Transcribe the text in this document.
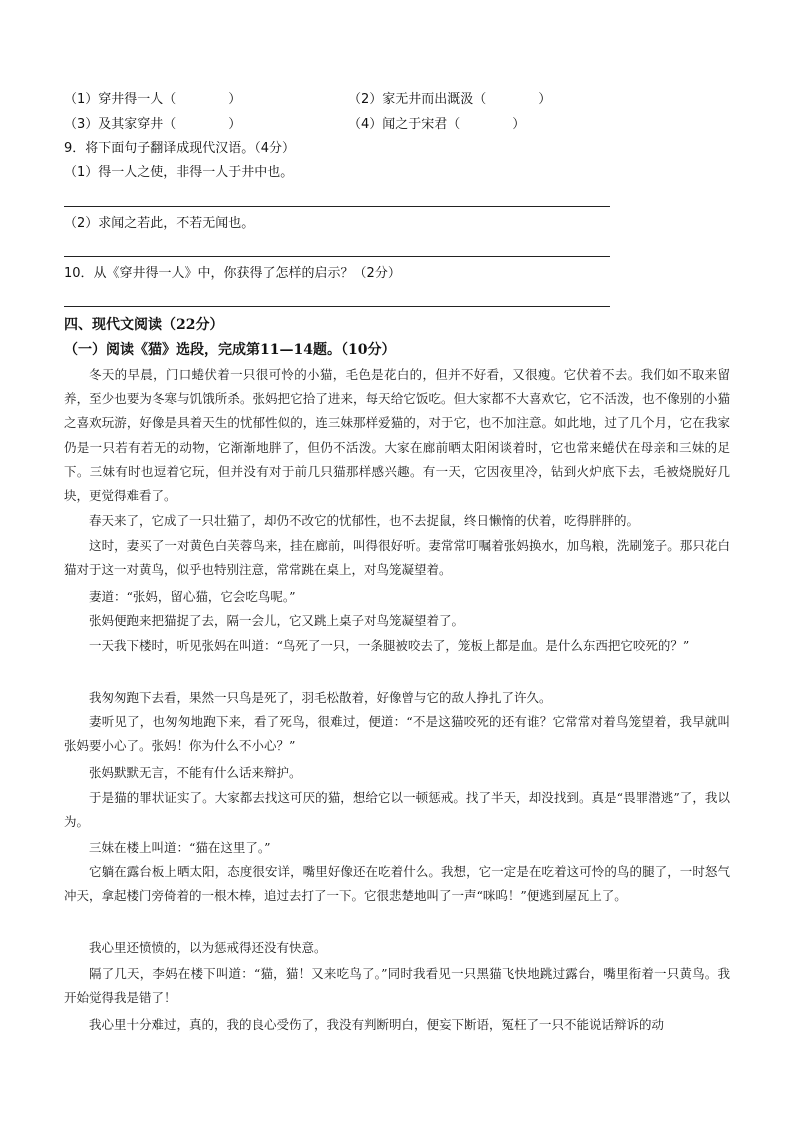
（1）穿井得一人（　　　　）	（2）家无井而出溉汲（　　　　）
（3）及其家穿井（　　　　）	（4）闻之于宋君（　　　　）
9．将下面句子翻译成现代汉语。（4分）
（1）得一人之使，非得一人于井中也。
（2）求闻之若此，不若无闻也。
10．从《穿井得一人》中，你获得了怎样的启示？（2分）
四、现代文阅读（22分）
（一）阅读《猫》选段，完成第11—14题。（10分）

冬天的早晨，门口蜷伏着一只很可怜的小猫，毛色是花白的，但并不好看，又很瘦。它伏着不去。我们如不取来留养，至少也要为冬寒与饥饿所杀。张妈把它拾了进来，每天给它饭吃。但大家都不大喜欢它，它不活泼，也不像别的小猫之喜欢玩游，好像是具着天生的忧郁性似的，连三妹那样爱猫的，对于它，也不加注意。如此地，过了几个月，它在我家仍是一只若有若无的动物，它渐渐地胖了，但仍不活泼。大家在廊前晒太阳闲谈着时，它也常来蜷伏在母亲和三妹的足下。三妹有时也逗着它玩，但并没有对于前几只猫那样感兴趣。有一天，它因夜里冷，钻到火炉底下去，毛被烧脱好几块，更觉得难看了。

春天来了，它成了一只壮猫了，却仍不改它的忧郁性，也不去捉鼠，终日懒惰的伏着，吃得胖胖的。

这时，妻买了一对黄色白芙蓉鸟来，挂在廊前，叫得很好听。妻常常叮嘱着张妈换水，加鸟粮，洗刷笼子。那只花白猫对于这一对黄鸟，似乎也特别注意，常常跳在桌上，对鸟笼凝望着。

妻道：“张妈，留心猫，它会吃鸟呢。”

张妈便跑来把猫捉了去，隔一会儿，它又跳上桌子对鸟笼凝望着了。

一天我下楼时，听见张妈在叫道：“鸟死了一只，一条腿被咬去了，笼板上都是血。是什么东西把它咬死的？”

我匆匆跑下去看，果然一只鸟是死了，羽毛松散着，好像曾与它的敌人挣扎了许久。

妻听见了，也匆匆地跑下来，看了死鸟，很难过，便道：“不是这猫咬死的还有谁？它常常对着鸟笼望着，我早就叫张妈要小心了。张妈！你为什么不小心？”

张妈默默无言，不能有什么话来辩护。

于是猫的罪状证实了。大家都去找这可厌的猫，想给它以一顿惩戒。找了半天，却没找到。真是“畏罪潜逃”了，我以为。

三妹在楼上叫道：“猫在这里了。”

它躺在露台板上晒太阳，态度很安详，嘴里好像还在吃着什么。我想，它一定是在吃着这可怜的鸟的腿了，一时怒气冲天，拿起楼门旁倚着的一根木棒，追过去打了一下。它很悲楚地叫了一声“咪呜！”便逃到屋瓦上了。

我心里还愤愤的，以为惩戒得还没有快意。

隔了几天，李妈在楼下叫道：“猫，猫！又来吃鸟了。”同时我看见一只黑猫飞快地跳过露台，嘴里衔着一只黄鸟。我开始觉得我是错了！

我心里十分难过，真的，我的良心受伤了，我没有判断明白，便妄下断语，冤枉了一只不能说话辩诉的动
